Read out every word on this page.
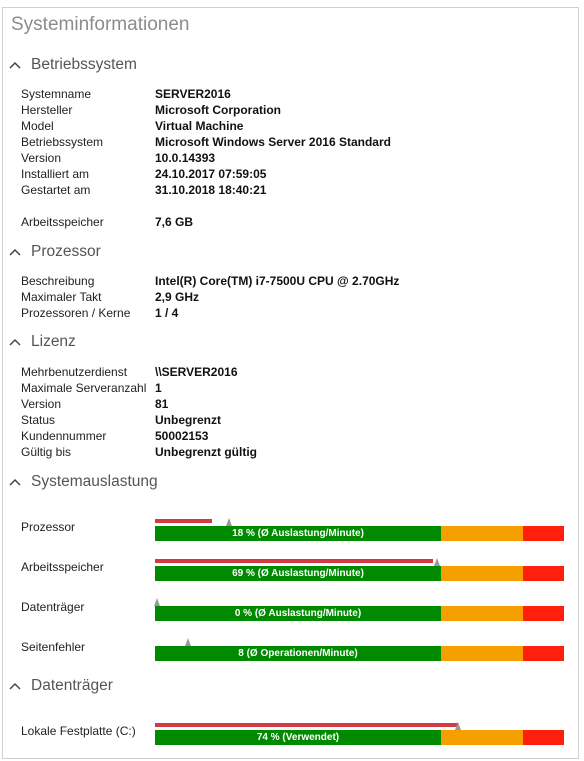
Systeminformationen
Betriebssystem
Systemname	SERVER2016
Hersteller	Microsoft Corporation
Model	Virtual Machine
Betriebssystem	Microsoft Windows Server 2016 Standard
Version	10.0.14393
Installiert am	24.10.2017 07:59:05
Gestartet am	31.10.2018 18:40:21
Arbeitsspeicher	7,6 GB
Prozessor
Beschreibung	Intel(R) Core(TM) i7-7500U CPU @ 2.70GHz
Maximaler Takt	2,9 GHz
Prozessoren / Kerne 1 / 4
Lizenz
Mehrbenutzerdienst \\SERVER2016
Maximale Serveranzahl 1
Version	81
Status	Unbegrenzt
Kundennummer	50002153
Gültig bis	Unbegrenzt gültig
Systemauslastung
Prozessor	18 % (Ø Auslastung/Minute)
Arbeitsspeicher	69 % (Ø Auslastung/Minute)
Datenträger	0 % (Ø Auslastung/Minute)
Seitenfehler	8 (Ø Operationen/Minute)
Datenträger
Lokale Festplatte (C:)	74 % (Verwendet)
